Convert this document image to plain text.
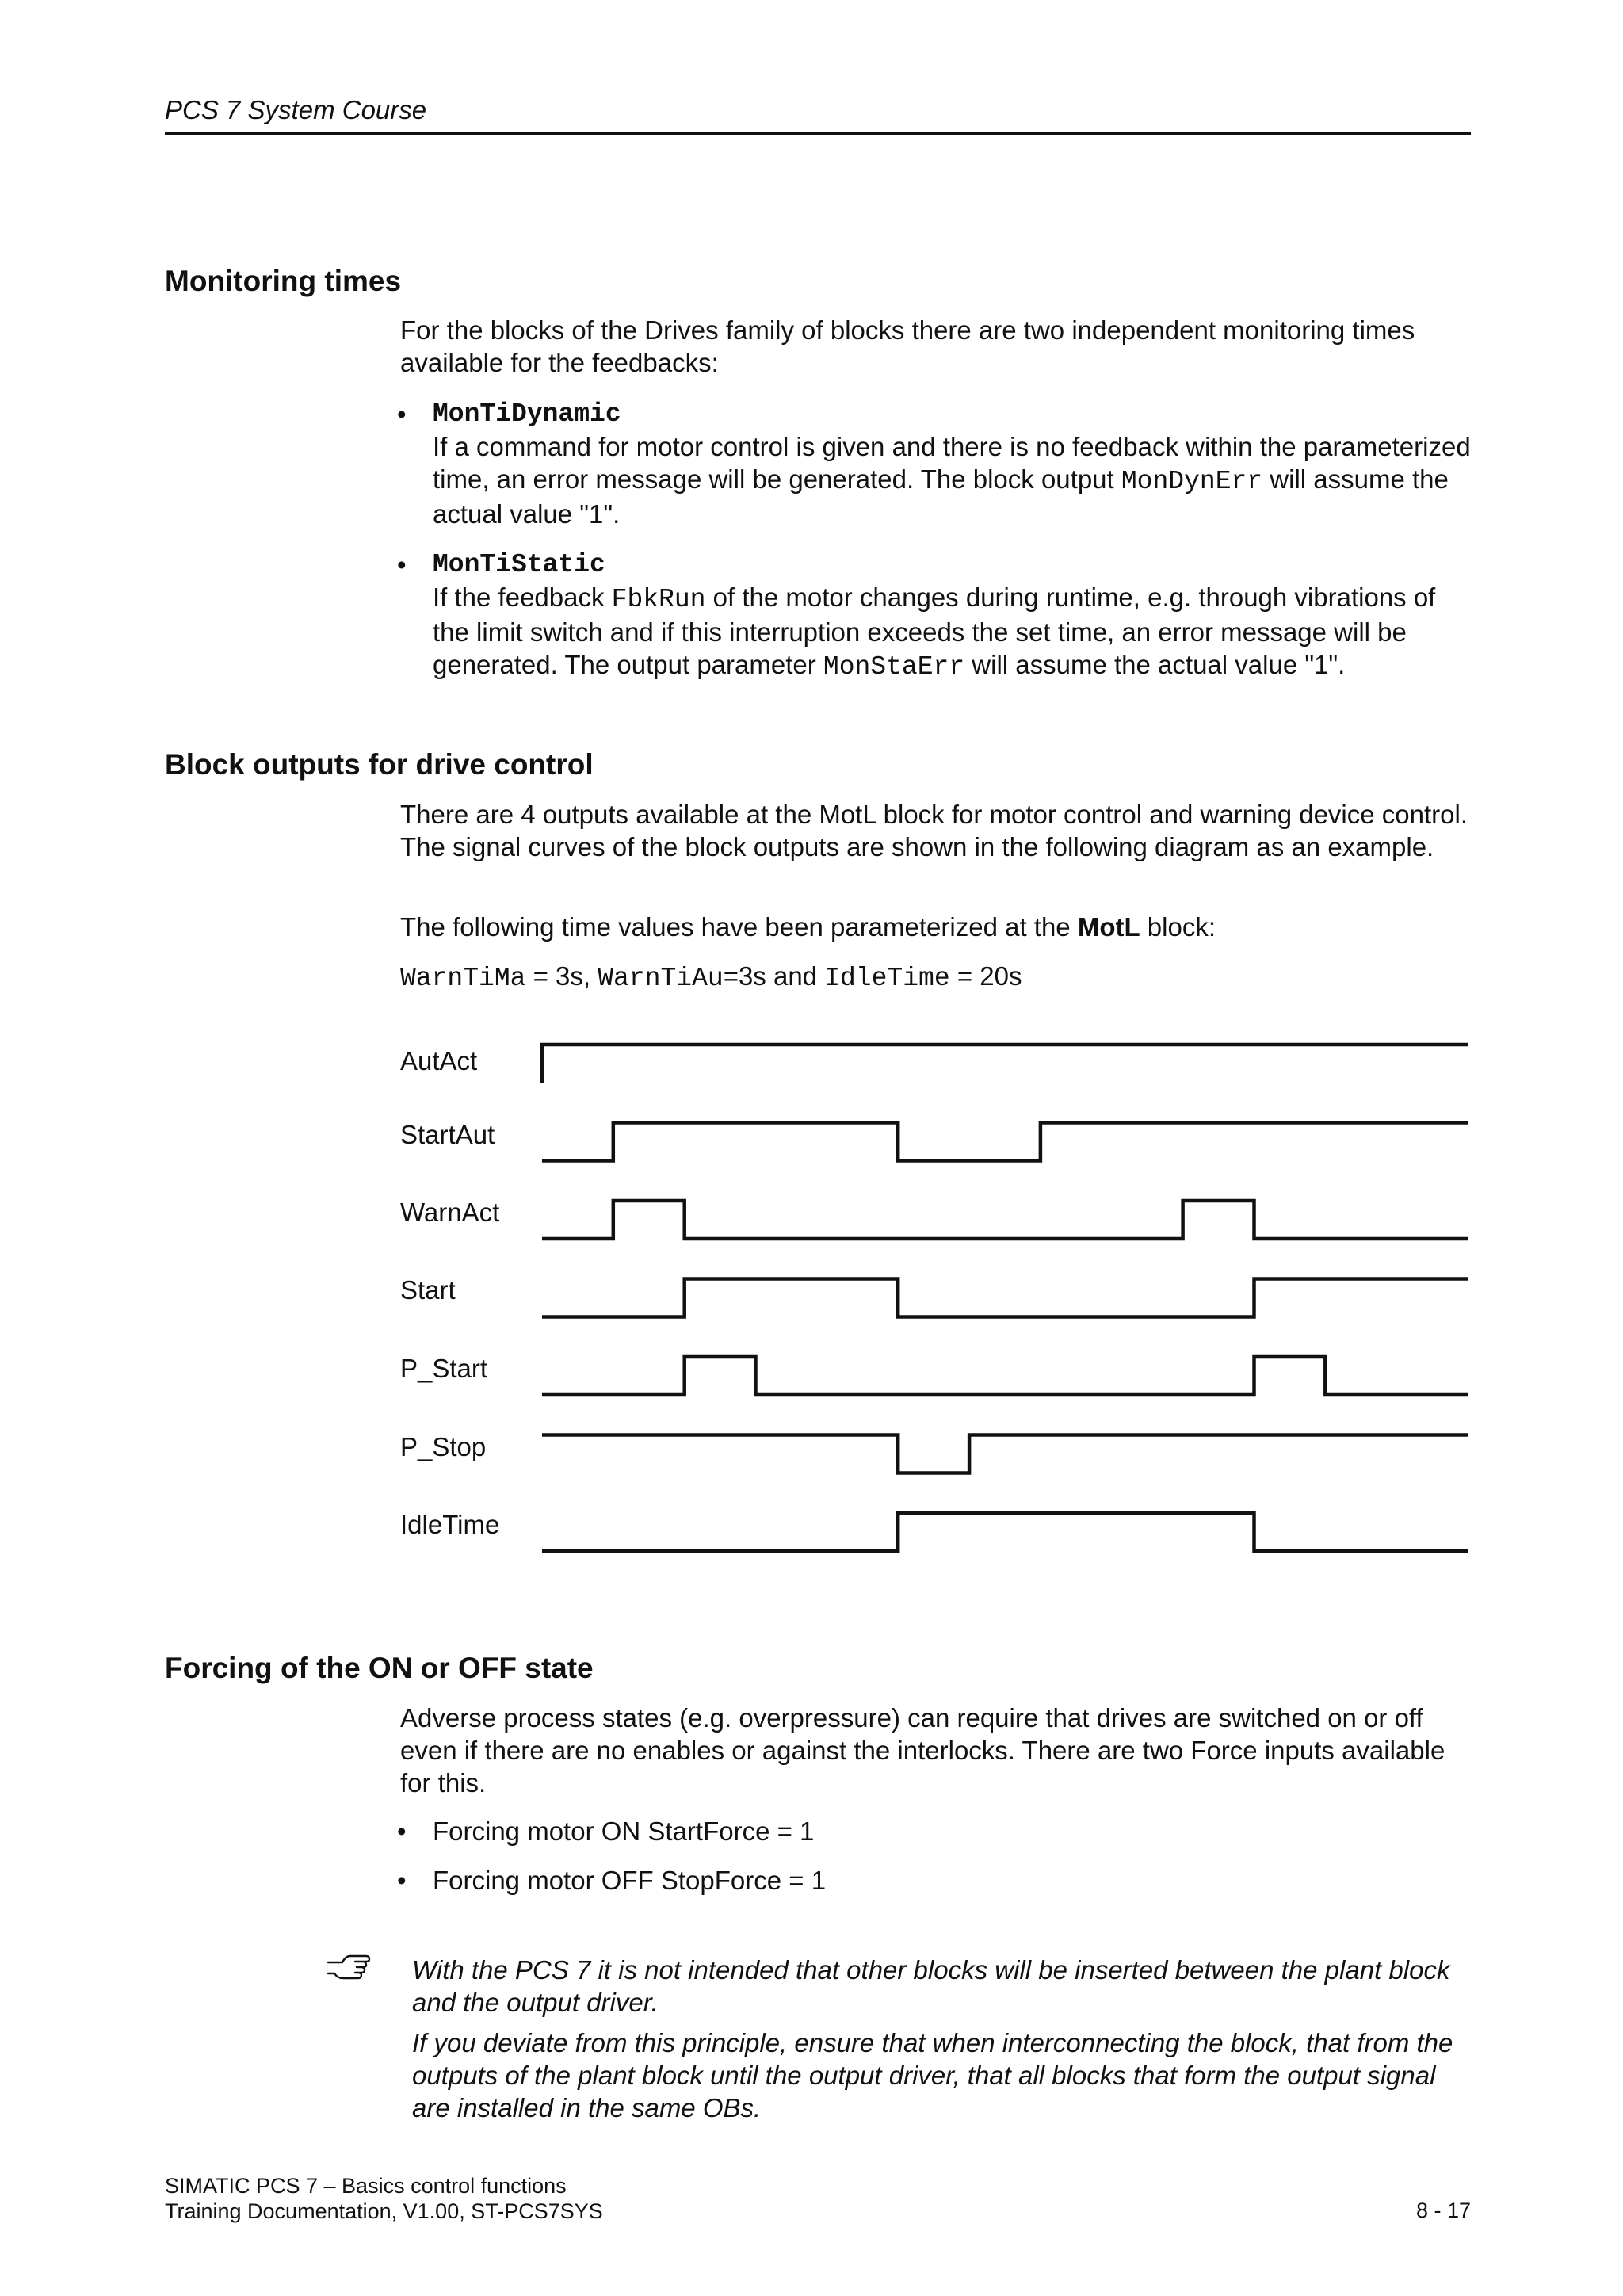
PCS 7 System Course
Monitoring times

For the blocks of the Drives family of blocks there are two independent monitoring times available for the feedbacks:

• MonTiDynamic
If a command for motor control is given and there is no feedback within the parameterized time, an error message will be generated. The block output MonDynErr will assume the actual value "1".
• MonTiStatic
If the feedback FbkRun of the motor changes during runtime, e.g. through vibrations of the limit switch and if this interruption exceeds the set time, an error message will be generated. The output parameter MonStaErr will assume the actual value "1".
Block outputs for drive control

There are 4 outputs available at the MotL block for motor control and warning device control. The signal curves of the block outputs are shown in the following diagram as an example.

The following time values have been parameterized at the MotL block:

WarnTiMa = 3s, WarnTiAu=3s and IdleTime = 20s

AutAct
StartAut
WarnAct
Start
P_Start
P_Stop
IdleTime
Forcing of the ON or OFF state

Adverse process states (e.g. overpressure) can require that drives are switched on or off even if there are no enables or against the interlocks. There are two Force inputs available for this.

• Forcing motor ON StartForce = 1
• Forcing motor OFF StopForce = 1

With the PCS 7 it is not intended that other blocks will be inserted between the plant block and the output driver.

If you deviate from this principle, ensure that when interconnecting the block, that from the outputs of the plant block until the output driver, that all blocks that form the output signal are installed in the same OBs.

SIMATIC PCS 7 – Basics control functions
Training Documentation, V1.00, ST-PCS7SYS	8 - 17
